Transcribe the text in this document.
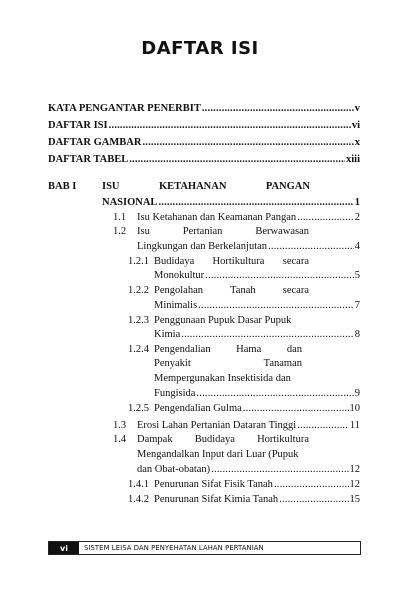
DAFTAR ISI
KATA PENGANTAR PENERBIT .....	v
DAFTAR ISI .....	vi
DAFTAR GAMBAR .....	x
DAFTAR TABEL .....	xiii
BAB I ISU	KETAHANAN	PANGAN
NASIONAL .....	1
1.1 Isu Ketahanan dan Keamanan Pangan .....	2
1.2 Isu	Pertanian	Berwawasan
Lingkungan dan Berkelanjutan .....	4
1.2.1 Budidaya Hortikultura secara
Monokultur .....	5
1.2.2 Pengolahan	Tanah	secara
Minimalis .....	7
1.2.3 Penggunaan Pupuk Dasar Pupuk
Kimia .....	8
1.2.4 Pengendalian Hama dan
Penyakit	Tanaman
Mempergunakan Insektisida dan
Fungisida .....	9
1.2.5 Pengendalian Gulma .....	10
1.3 Erosi Lahan Pertanian Dataran Tinggi .....	11
1.4 Dampak Budidaya Hortikultura
Mengandalkan Input dari Luar (Pupuk
dan Obat-obatan) .....	12
1.4.1 Penurunan Sifat Fisik Tanah .....	12
1.4.2 Penurunan Sifat Kimia Tanah .....	15
vi	SISTEM LEISA DAN PENYEHATAN LAHAN PERTANIAN
